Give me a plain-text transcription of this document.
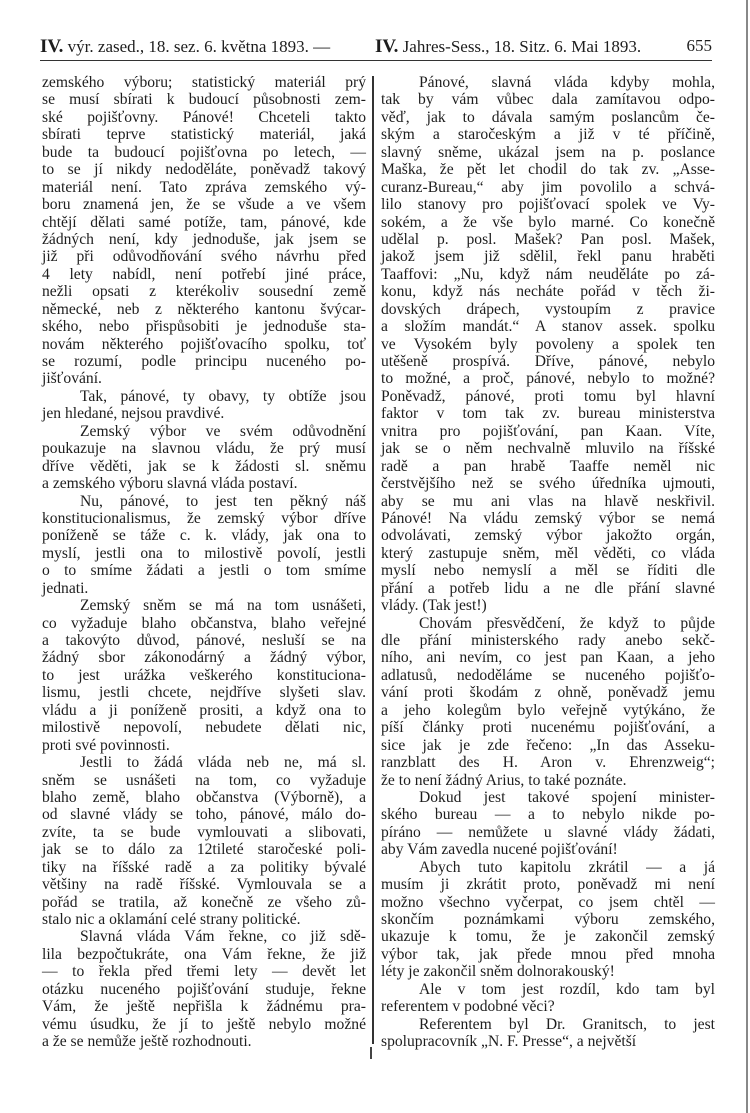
IV. výr. zased., 18. sez. 6. května 1893. — IV. Jahres-Sess., 18. Sitz. 6. Mai 1893.	655
zemského výboru; statistický materiál prý
se musí sbírati k budoucí působnosti zem-
ské pojišťovny. Pánové! Chceteli takto
sbírati teprve statistický materiál, jaká
bude ta budoucí pojišťovna po letech, —
to se jí nikdy nedoděláte, poněvadž takový
materiál není. Tato zpráva zemského vý-
boru znamená jen, že se všude a ve všem
chtějí dělati samé potíže, tam, pánové, kde
žádných není, kdy jednoduše, jak jsem se
již při odůvodňování svého návrhu před
4 lety nabídl, není potřebí jiné práce,
nežli opsati z kterékoliv sousední země
německé, neb z některého kantonu švýcar-
ského, nebo přispůsobiti je jednoduše sta-
novám některého pojišťovacího spolku, toť
se rozumí, podle principu nuceného po-
jišťování.
Tak, pánové, ty obavy, ty obtíže jsou
jen hledané, nejsou pravdivé.
Zemský výbor ve svém odůvodnění
poukazuje na slavnou vládu, že prý musí
dříve věděti, jak se k žádosti sl. sněmu
a zemského výboru slavná vláda postaví.
Nu, pánové, to jest ten pěkný náš
konstitucionalismus, že zemský výbor dříve
poníženě se táže c. k. vlády, jak ona to
myslí, jestli ona to milostivě povolí, jestli
o to smíme žádati a jestli o tom smíme
jednati.
Zemský sněm se má na tom usnášeti,
co vyžaduje blaho občanstva, blaho veřejné
a takovýto důvod, pánové, nesluší se na
žádný sbor zákonodárný a žádný výbor,
to jest urážka veškerého konstituciona-
lismu, jestli chcete, nejdříve slyšeti slav.
vládu a ji poníženě prositi, a když ona to
milostivě nepovolí, nebudete dělati nic,
proti své povinnosti.
Jestli to žádá vláda neb ne, má sl.
sněm se usnášeti na tom, co vyžaduje
blaho země, blaho občanstva (Výborně), a
od slavné vlády se toho, pánové, málo do-
zvíte, ta se bude vymlouvati a slibovati,
jak se to dálo za 12tileté staročeské poli-
tiky na říšské radě a za politiky bývalé
většiny na radě říšské. Vymlouvala se a
pořád se tratila, až konečně ze všeho zů-
stalo nic a oklamání celé strany politické.
Slavná vláda Vám řekne, co již sdě-
lila bezpočtukráte, ona Vám řekne, že již
— to řekla před třemi lety — devět let
otázku nuceného pojišťování studuje, řekne
Vám, že ještě nepřišla k žádnému pra-
vému úsudku, že jí to ještě nebylo možné
a že se nemůže ještě rozhodnouti.
Pánové, slavná vláda kdyby mohla,
tak by vám vůbec dala zamítavou odpo-
věď, jak to dávala samým poslancům če-
ským a staročeským a již v té příčině,
slavný sněme, ukázal jsem na p. poslance
Maška, že pět let chodil do tak zv. „Asse-
curanz-Bureau,“ aby jim povolilo a schvá-
lilo stanovy pro pojišťovací spolek ve Vy-
sokém, a že vše bylo marné. Co konečně
udělal p. posl. Mašek? Pan posl. Mašek,
jakož jsem již sdělil, řekl panu hraběti
Taaffovi: „Nu, když nám neuděláte po zá-
konu, když nás necháte pořád v těch ži-
dovských drápech, vystoupím z pravice
a složím mandát.“ A stanov assek. spolku
ve Vysokém byly povoleny a spolek ten
utěšeně prospívá. Dříve, pánové, nebylo
to možné, a proč, pánové, nebylo to možné?
Poněvadž, pánové, proti tomu byl hlavní
faktor v tom tak zv. bureau ministerstva
vnitra pro pojišťování, pan Kaan. Víte,
jak se o něm nechvalně mluvilo na říšské
radě a pan hrabě Taaffe neměl nic
čerstvějšího než se svého úředníka ujmouti,
aby se mu ani vlas na hlavě neskřivil.
Pánové! Na vládu zemský výbor se nemá
odvolávati, zemský výbor jakožto orgán,
který zastupuje sněm, měl věděti, co vláda
myslí nebo nemyslí a měl se říditi dle
přání a potřeb lidu a ne dle přání slavné
vlády. (Tak jest!)
Chovám přesvědčení, že když to půjde
dle přání ministerského rady anebo sekč-
ního, ani nevím, co jest pan Kaan, a jeho
adlatusů, nedoděláme se nuceného pojišťo-
vání proti škodám z ohně, poněvadž jemu
a jeho kolegům bylo veřejně vytýkáno, že
píší články proti nucenému pojišťování, a
sice jak je zde řečeno: „In das Asseku-
ranzblatt des H. Aron v. Ehrenzweig“;
že to není žádný Arius, to také poznáte.
Dokud jest takové spojení minister-
ského bureau — a to nebylo nikde po-
píráno — nemůžete u slavné vlády žádati,
aby Vám zavedla nucené pojišťování!
Abych tuto kapitolu zkrátil — a já
musím ji zkrátit proto, poněvadž mi není
možno všechno vyčerpat, co jsem chtěl —
skončím poznámkami výboru zemského,
ukazuje k tomu, že je zakončil zemský
výbor tak, jak přede mnou před mnoha
léty je zakončil sněm dolnorakouský!
Ale v tom jest rozdíl, kdo tam byl
referentem v podobné věci?
Referentem byl Dr. Granitsch, to jest
spolupracovník „N. F. Presse“, a největší
